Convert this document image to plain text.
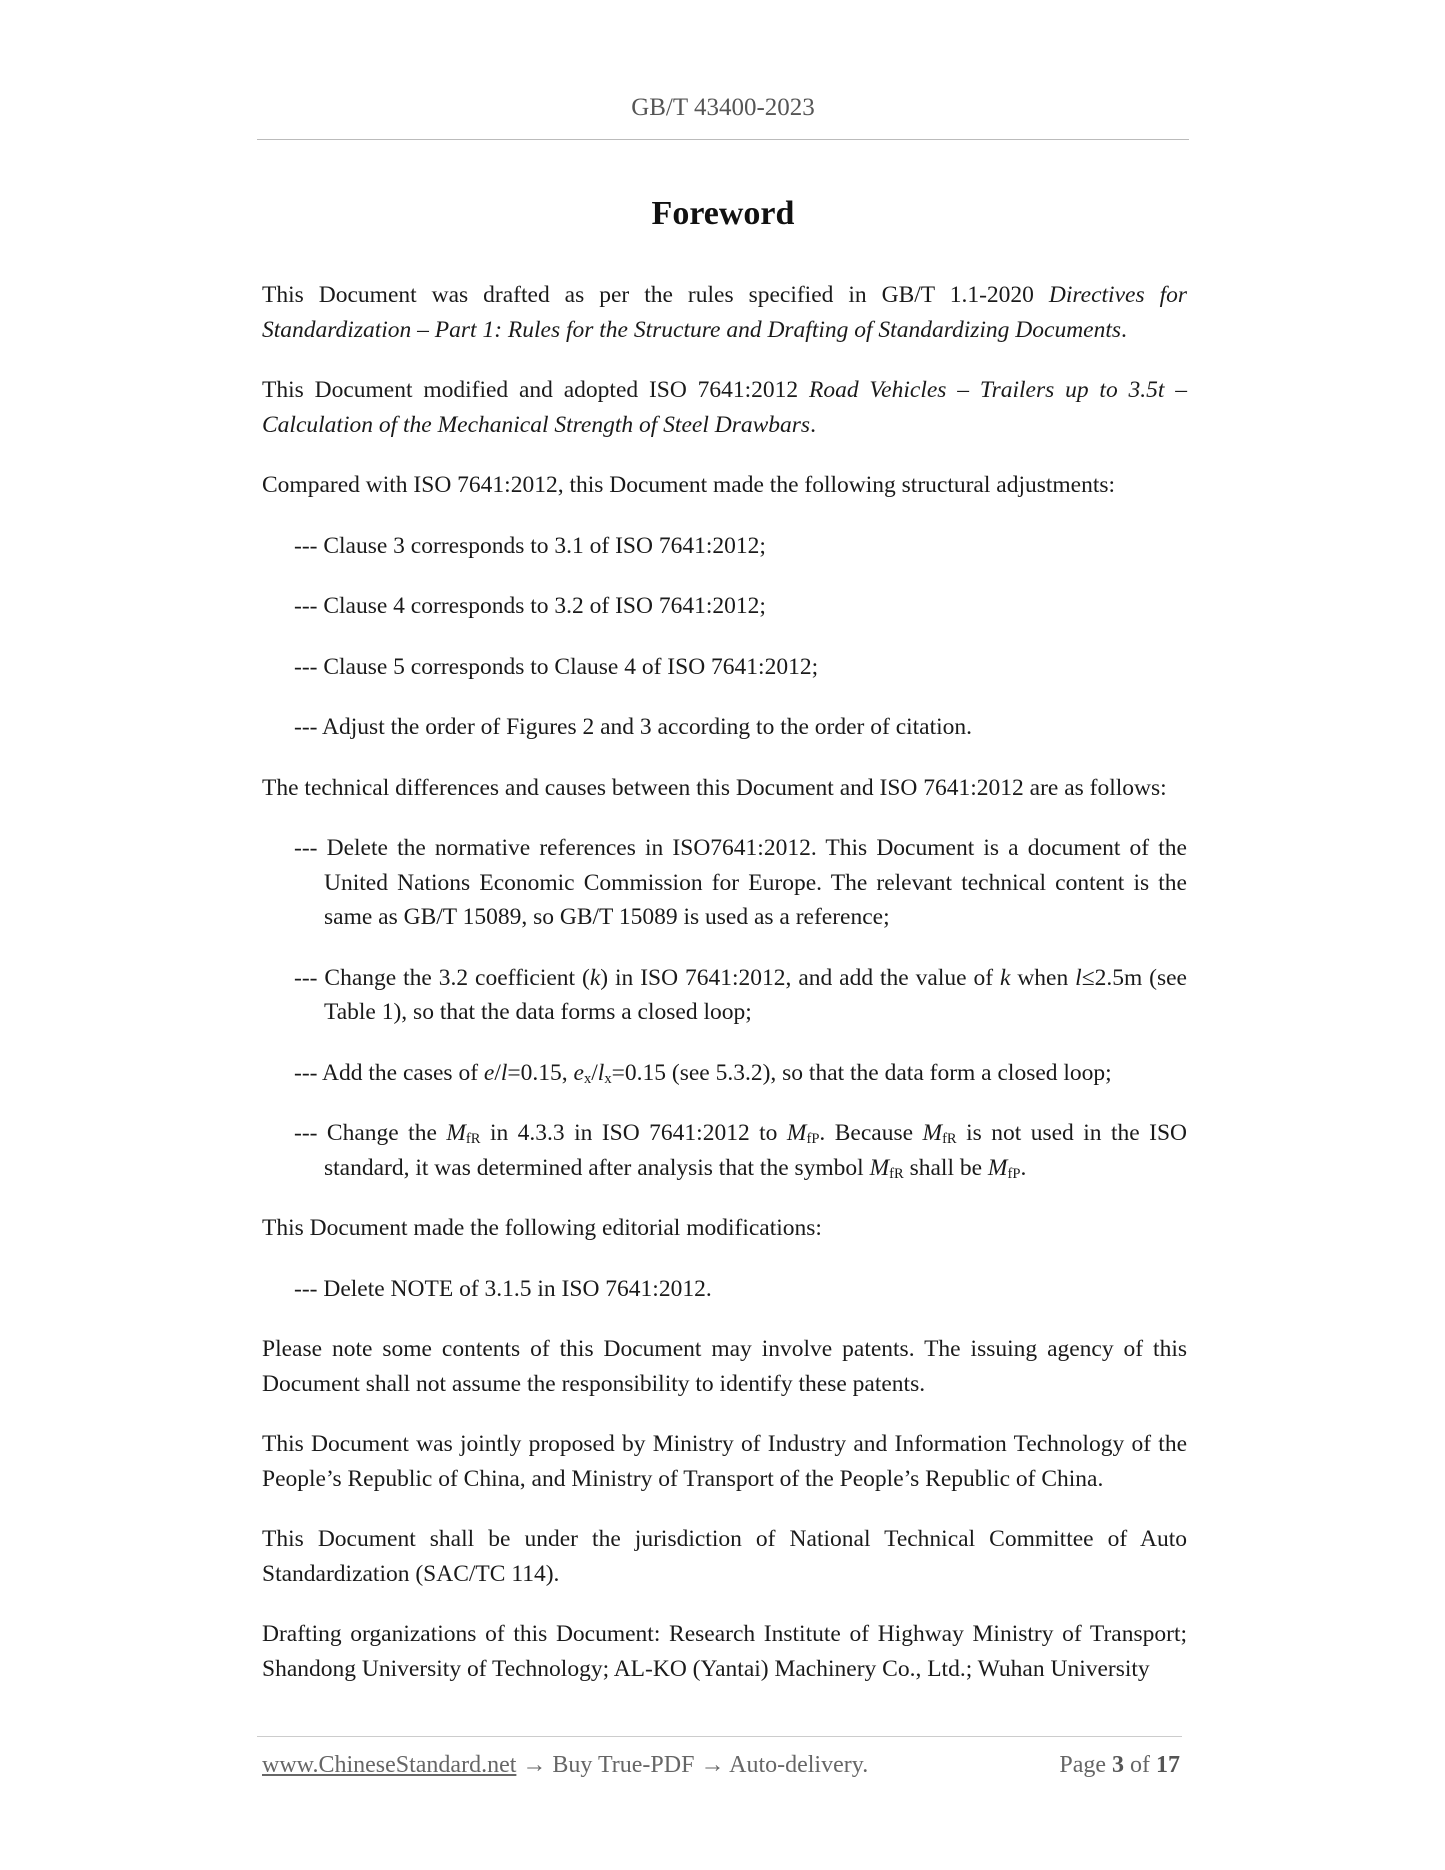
GB/T 43400-2023
Foreword

This Document was drafted as per the rules specified in GB/T 1.1-2020 Directives for Standardization – Part 1: Rules for the Structure and Drafting of Standardizing Documents.

This Document modified and adopted ISO 7641:2012 Road Vehicles – Trailers up to 3.5t – Calculation of the Mechanical Strength of Steel Drawbars.

Compared with ISO 7641:2012, this Document made the following structural adjustments:

--- Clause 3 corresponds to 3.1 of ISO 7641:2012;

--- Clause 4 corresponds to 3.2 of ISO 7641:2012;

--- Clause 5 corresponds to Clause 4 of ISO 7641:2012;

--- Adjust the order of Figures 2 and 3 according to the order of citation.

The technical differences and causes between this Document and ISO 7641:2012 are as follows:

--- Delete the normative references in ISO7641:2012. This Document is a document of the United Nations Economic Commission for Europe. The relevant technical content is the same as GB/T 15089, so GB/T 15089 is used as a reference;

--- Change the 3.2 coefficient (k) in ISO 7641:2012, and add the value of k when l≤2.5m (see Table 1), so that the data forms a closed loop;

--- Add the cases of e/l=0.15, $e_x/l_x=0.15$ (see 5.3.2), so that the data form a closed loop;

--- Change the $M_{fR}$ in 4.3.3 in ISO 7641:2012 to $M_{fP}$. Because $M_{fR}$ is not used in the ISO standard, it was determined after analysis that the symbol $M_{fR}$ shall be $M_{fP}$.

This Document made the following editorial modifications:

--- Delete NOTE of 3.1.5 in ISO 7641:2012.

Please note some contents of this Document may involve patents. The issuing agency of this Document shall not assume the responsibility to identify these patents.

This Document was jointly proposed by Ministry of Industry and Information Technology of the People’s Republic of China, and Ministry of Transport of the People’s Republic of China.

This Document shall be under the jurisdiction of National Technical Committee of Auto Standardization (SAC/TC 114).

Drafting organizations of this Document: Research Institute of Highway Ministry of Transport; Shandong University of Technology; AL-KO (Yantai) Machinery Co., Ltd.; Wuhan University

www.ChineseStandard.net → Buy True-PDF → Auto-delivery.	Page 3 of 17
